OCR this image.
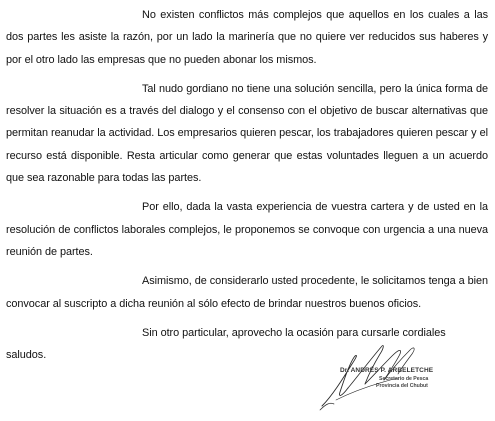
No existen conflictos más complejos que aquellos en los cuales a las dos partes les asiste la razón, por un lado la marinería que no quiere ver reducidos sus haberes y por el otro lado las empresas que no pueden abonar los mismos.

Tal nudo gordiano no tiene una solución sencilla, pero la única forma de resolver la situación es a través del dialogo y el consenso con el objetivo de buscar alternativas que permitan reanudar la actividad. Los empresarios quieren pescar, los trabajadores quieren pescar y el recurso está disponible. Resta articular como generar que estas voluntades lleguen a un acuerdo que sea razonable para todas las partes.

Por ello, dada la vasta experiencia de vuestra cartera y de usted en la resolución de conflictos laborales complejos, le proponemos se convoque con urgencia a una nueva reunión de partes.

Asimismo, de considerarlo usted procedente, le solicitamos tenga a bien convocar al suscripto a dicha reunión al sólo efecto de brindar nuestros buenos oficios.

Sin otro particular, aprovecho la ocasión para cursarle cordiales saludos.

Dr. ANDRÉS P. ARBELETCHE
Secretario de Pesca
Provincia del Chubut
